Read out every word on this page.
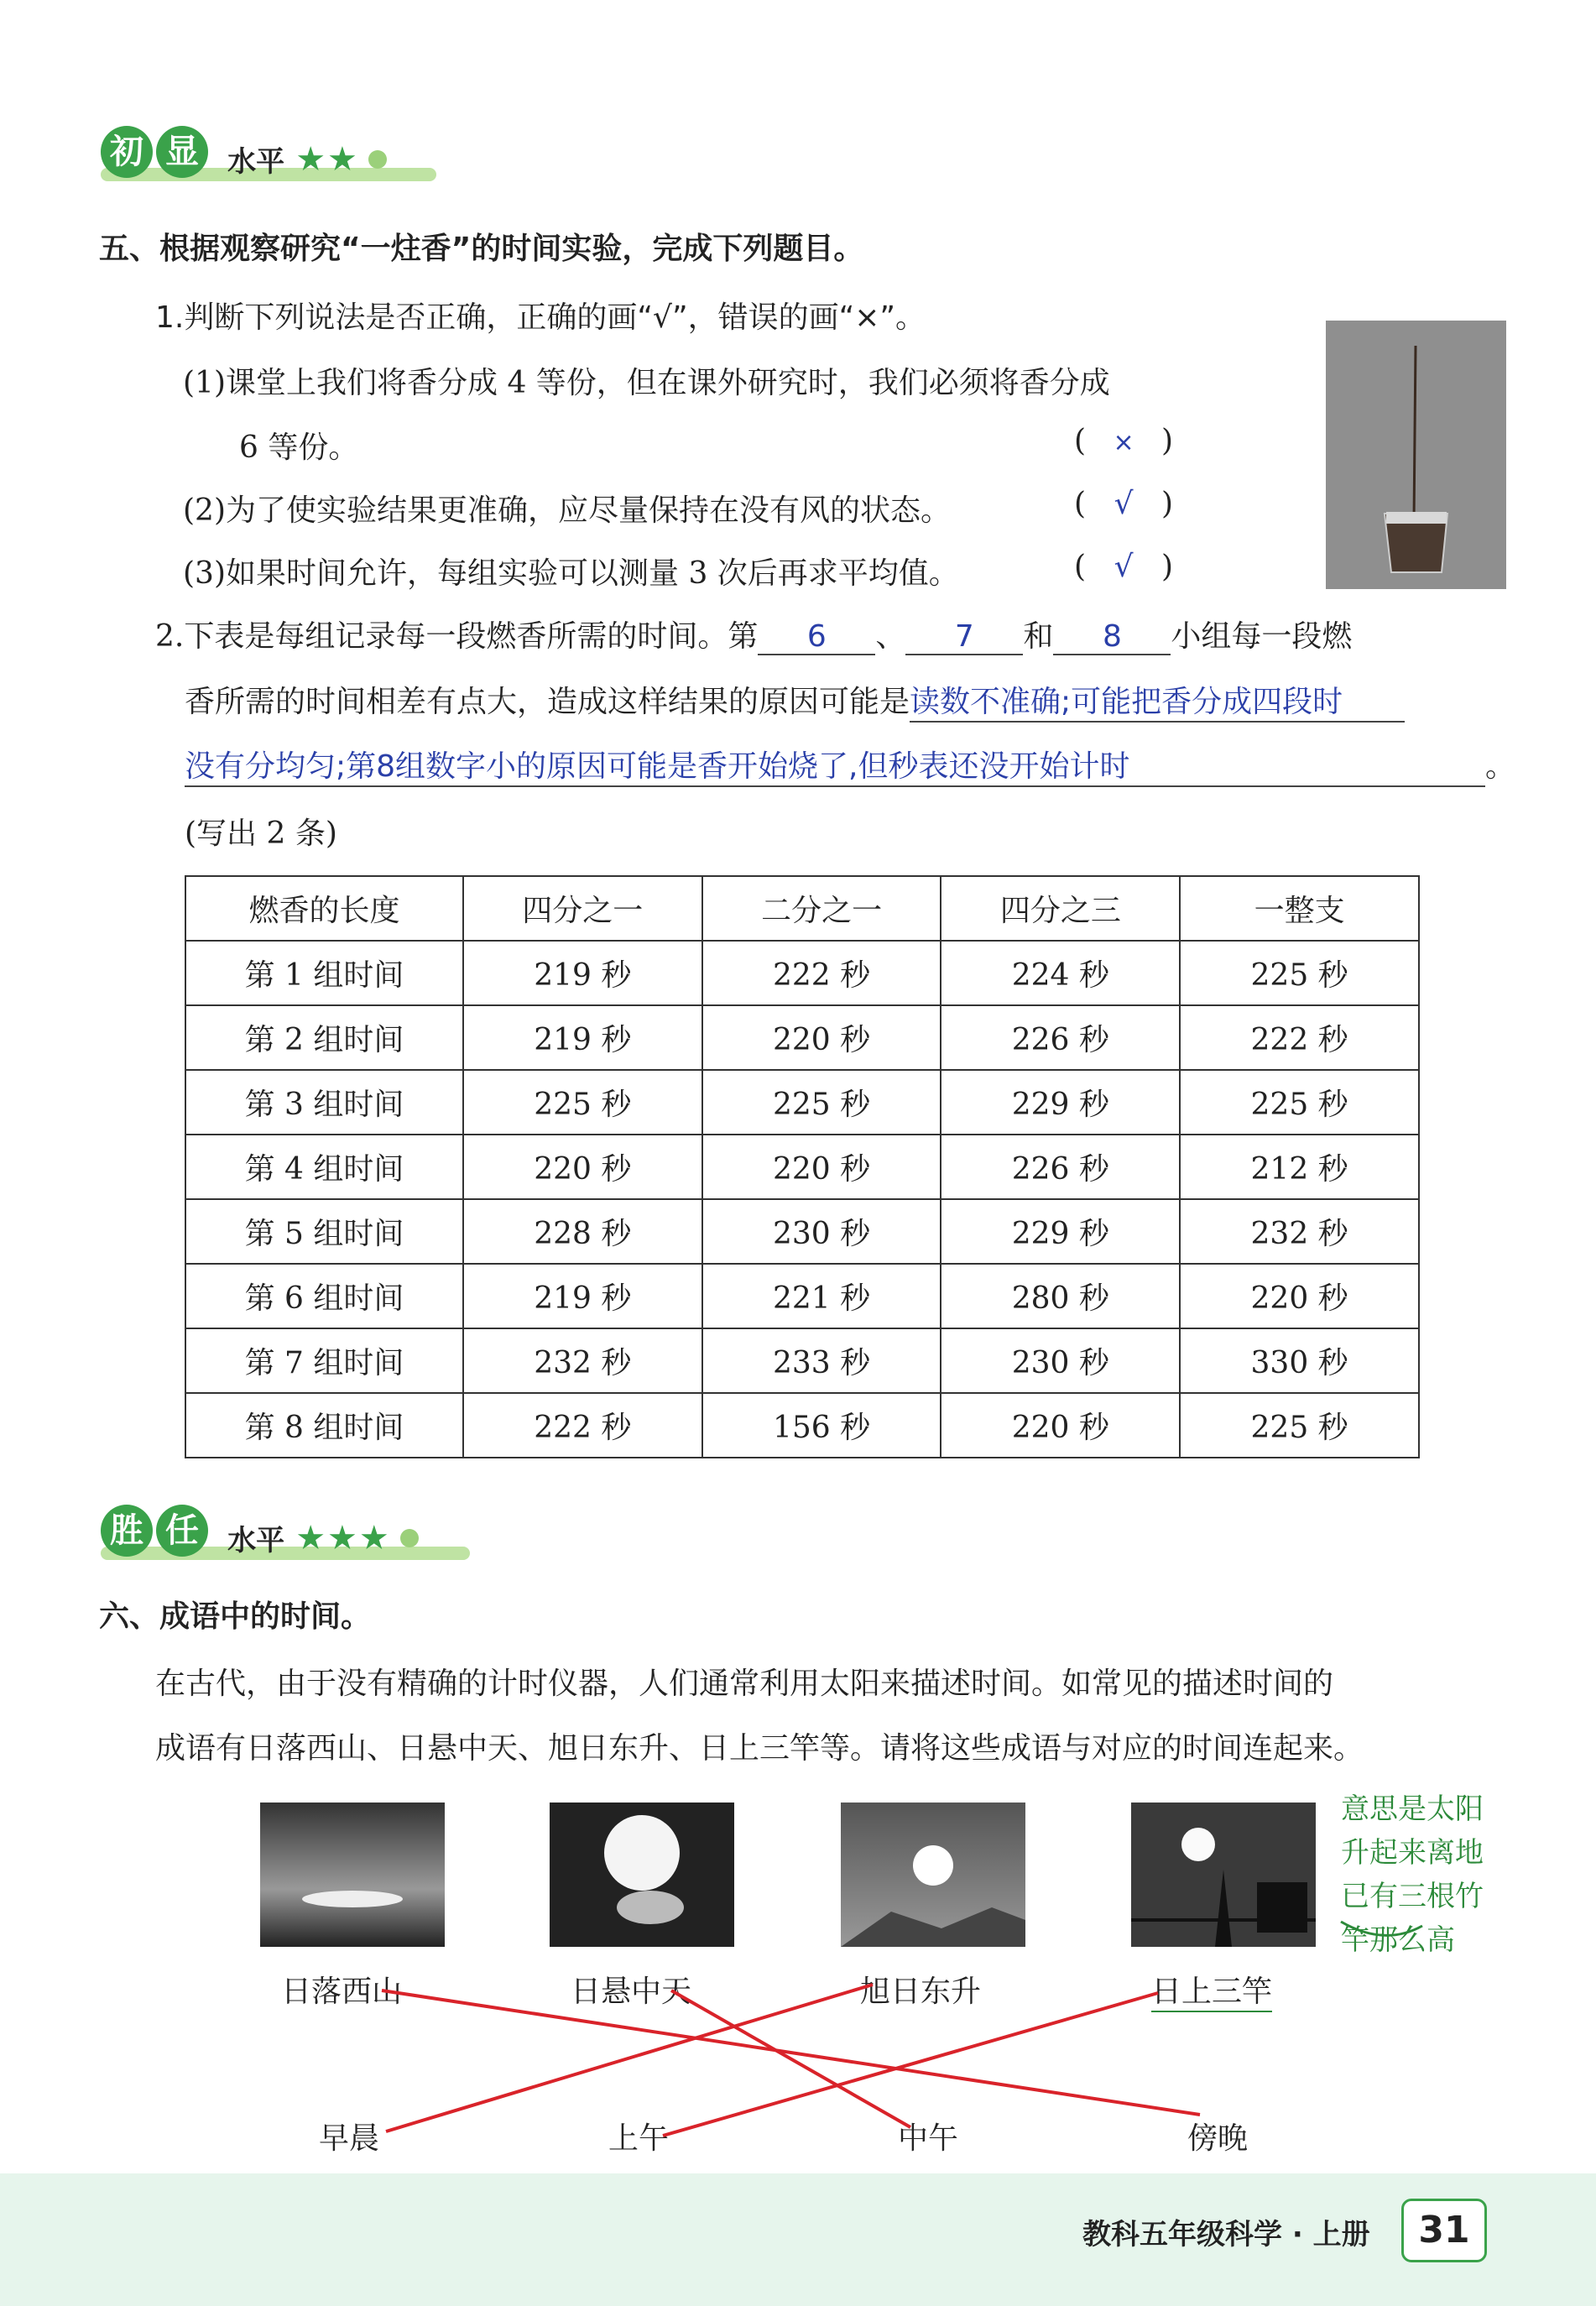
初 显 水平 ★★
五、根据观察研究“一炷香”的时间实验，完成下列题目。
1.判断下列说法是否正确，正确的画“√”，错误的画“×”。
(1)课堂上我们将香分成 4 等份，但在课外研究时，我们必须将香分成
6 等份。	( × )
(2)为了使实验结果更准确，应尽量保持在没有风的状态。	( √ )
(3)如果时间允许，每组实验可以测量 3 次后再求平均值。	( √ )
2.下表是每组记录每一段燃香所需的时间。第 6 、 7 和 8 小组每一段燃
香所需的时间相差有点大，造成这样结果的原因可能是读数不准确;可能把香分成四段时
没有分均匀;第8组数字小的原因可能是香开始烧了,但秒表还没开始计时	。
(写出 2 条)
燃香的长度	四分之一	二分之一	四分之三	一整支
第 1 组时间	219 秒	222 秒	224 秒	225 秒
第 2 组时间	219 秒	220 秒	226 秒	222 秒
第 3 组时间	225 秒	225 秒	229 秒	225 秒
第 4 组时间	220 秒	220 秒	226 秒	212 秒
第 5 组时间	228 秒	230 秒	229 秒	232 秒
第 6 组时间	219 秒	221 秒	280 秒	220 秒
第 7 组时间	232 秒	233 秒	230 秒	330 秒
第 8 组时间	222 秒	156 秒	220 秒	225 秒
胜 任 水平 ★★★
六、成语中的时间。
在古代，由于没有精确的计时仪器，人们通常利用太阳来描述时间。如常见的描述时间的
成语有日落西山、日悬中天、旭日东升、日上三竿等。请将这些成语与对应的时间连起来。
意思是太阳
升起来离地
已有三根竹
竿那么高
日落西山	日悬中天	旭日东升	日上三竿
早晨	上午	中午	傍晚
教科五年级科学 · 上册	31
